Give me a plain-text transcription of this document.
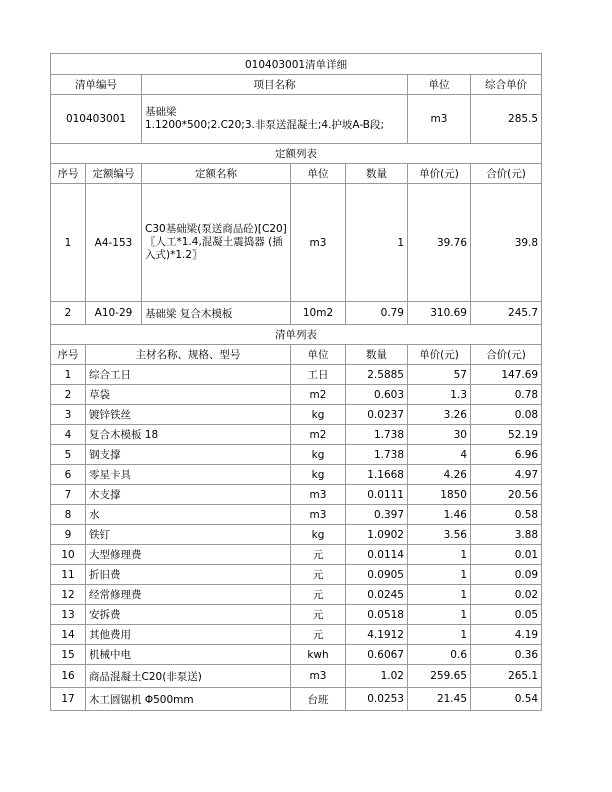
010403001清单详细						
清单编号		项目名称			单位	综合单价
010403001		基础梁
1.1200*500;2.C20;3.非泵送混凝土;4.护坡A-B段;			m3	285.5
定额列表						
序号	定额编号	定额名称	单位	数量	单价(元)	合价(元)
1	A4-153	C30基础梁(泵送商品砼)[C20]〖人工*1.4,混凝土震捣器 (插入式)*1.2〗	m3	1	39.76	39.8
2	A10-29	基础梁 复合木模板	10m2	0.79	310.69	245.7
清单列表						
序号	主材名称、规格、型号		单位	数量	单价(元)	合价(元)
1	综合工日		工日	2.5885	57	147.69
2	草袋		m2	0.603	1.3	0.78
3	镀锌铁丝		kg	0.0237	3.26	0.08
4	复合木模板 18		m2	1.738	30	52.19
5	钢支撑		kg	1.738	4	6.96
6	零星卡具		kg	1.1668	4.26	4.97
7	木支撑		m3	0.0111	1850	20.56
8	水		m3	0.397	1.46	0.58
9	铁钉		kg	1.0902	3.56	3.88
10	大型修理费		元	0.0114	1	0.01
11	折旧费		元	0.0905	1	0.09
12	经常修理费		元	0.0245	1	0.02
13	安拆费		元	0.0518	1	0.05
14	其他费用		元	4.1912	1	4.19
15	机械中电		kwh	0.6067	0.6	0.36
16	商品混凝土C20(非泵送)		m3	1.02	259.65	265.1
17	木工圆锯机 Φ500mm		台班	0.0253	21.45	0.54
